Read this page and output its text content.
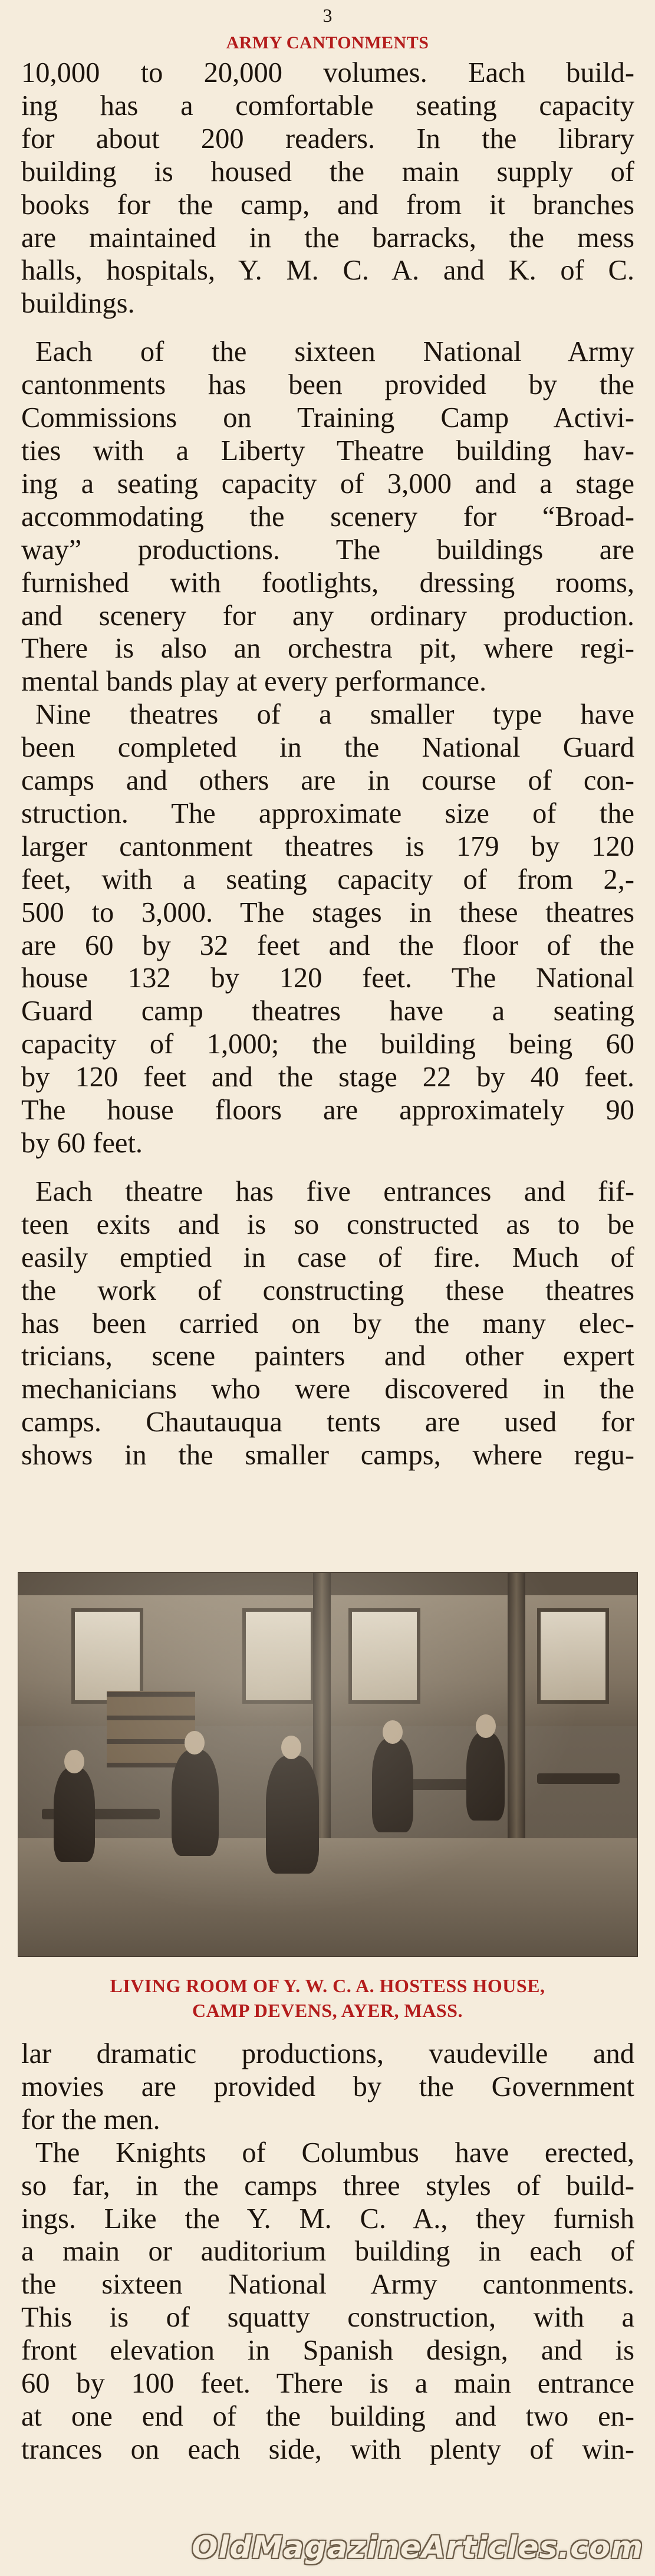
3
ARMY CANTONMENTS

10,000 to 20,000 volumes. Each build-

ing has a comfortable seating capacity

for about 200 readers. In the library

building is housed the main supply of

books for the camp, and from it branches

are maintained in the barracks, the mess

halls, hospitals, Y. M. C. A. and K. of C.

buildings.

Each of the sixteen National Army

cantonments has been provided by the

Commissions on Training Camp Activi-

ties with a Liberty Theatre building hav-

ing a seating capacity of 3,000 and a stage

accommodating the scenery for “Broad-

way” productions. The buildings are

furnished with footlights, dressing rooms,

and scenery for any ordinary production.

There is also an orchestra pit, where regi-

mental bands play at every performance.

Nine theatres of a smaller type have

been completed in the National Guard

camps and others are in course of con-

struction. The approximate size of the

larger cantonment theatres is 179 by 120

feet, with a seating capacity of from 2,-

500 to 3,000. The stages in these theatres

are 60 by 32 feet and the floor of the

house 132 by 120 feet. The National

Guard camp theatres have a seating

capacity of 1,000; the building being 60

by 120 feet and the stage 22 by 40 feet.

The house floors are approximately 90

by 60 feet.

Each theatre has five entrances and fif-

teen exits and is so constructed as to be

easily emptied in case of fire. Much of

the work of constructing these theatres

has been carried on by the many elec-

tricians, scene painters and other expert

mechanicians who were discovered in the

camps. Chautauqua tents are used for

shows in the smaller camps, where regu-

LIVING ROOM OF Y. W. C. A. HOSTESS HOUSE,
CAMP DEVENS, AYER, MASS.

lar dramatic productions, vaudeville and

movies are provided by the Government

for the men.

The Knights of Columbus have erected,

so far, in the camps three styles of build-

ings. Like the Y. M. C. A., they furnish

a main or auditorium building in each of

the sixteen National Army cantonments.

This is of squatty construction, with a

front elevation in Spanish design, and is

60 by 100 feet. There is a main entrance

at one end of the building and two en-

trances on each side, with plenty of win-

OldMagazineArticles.com
